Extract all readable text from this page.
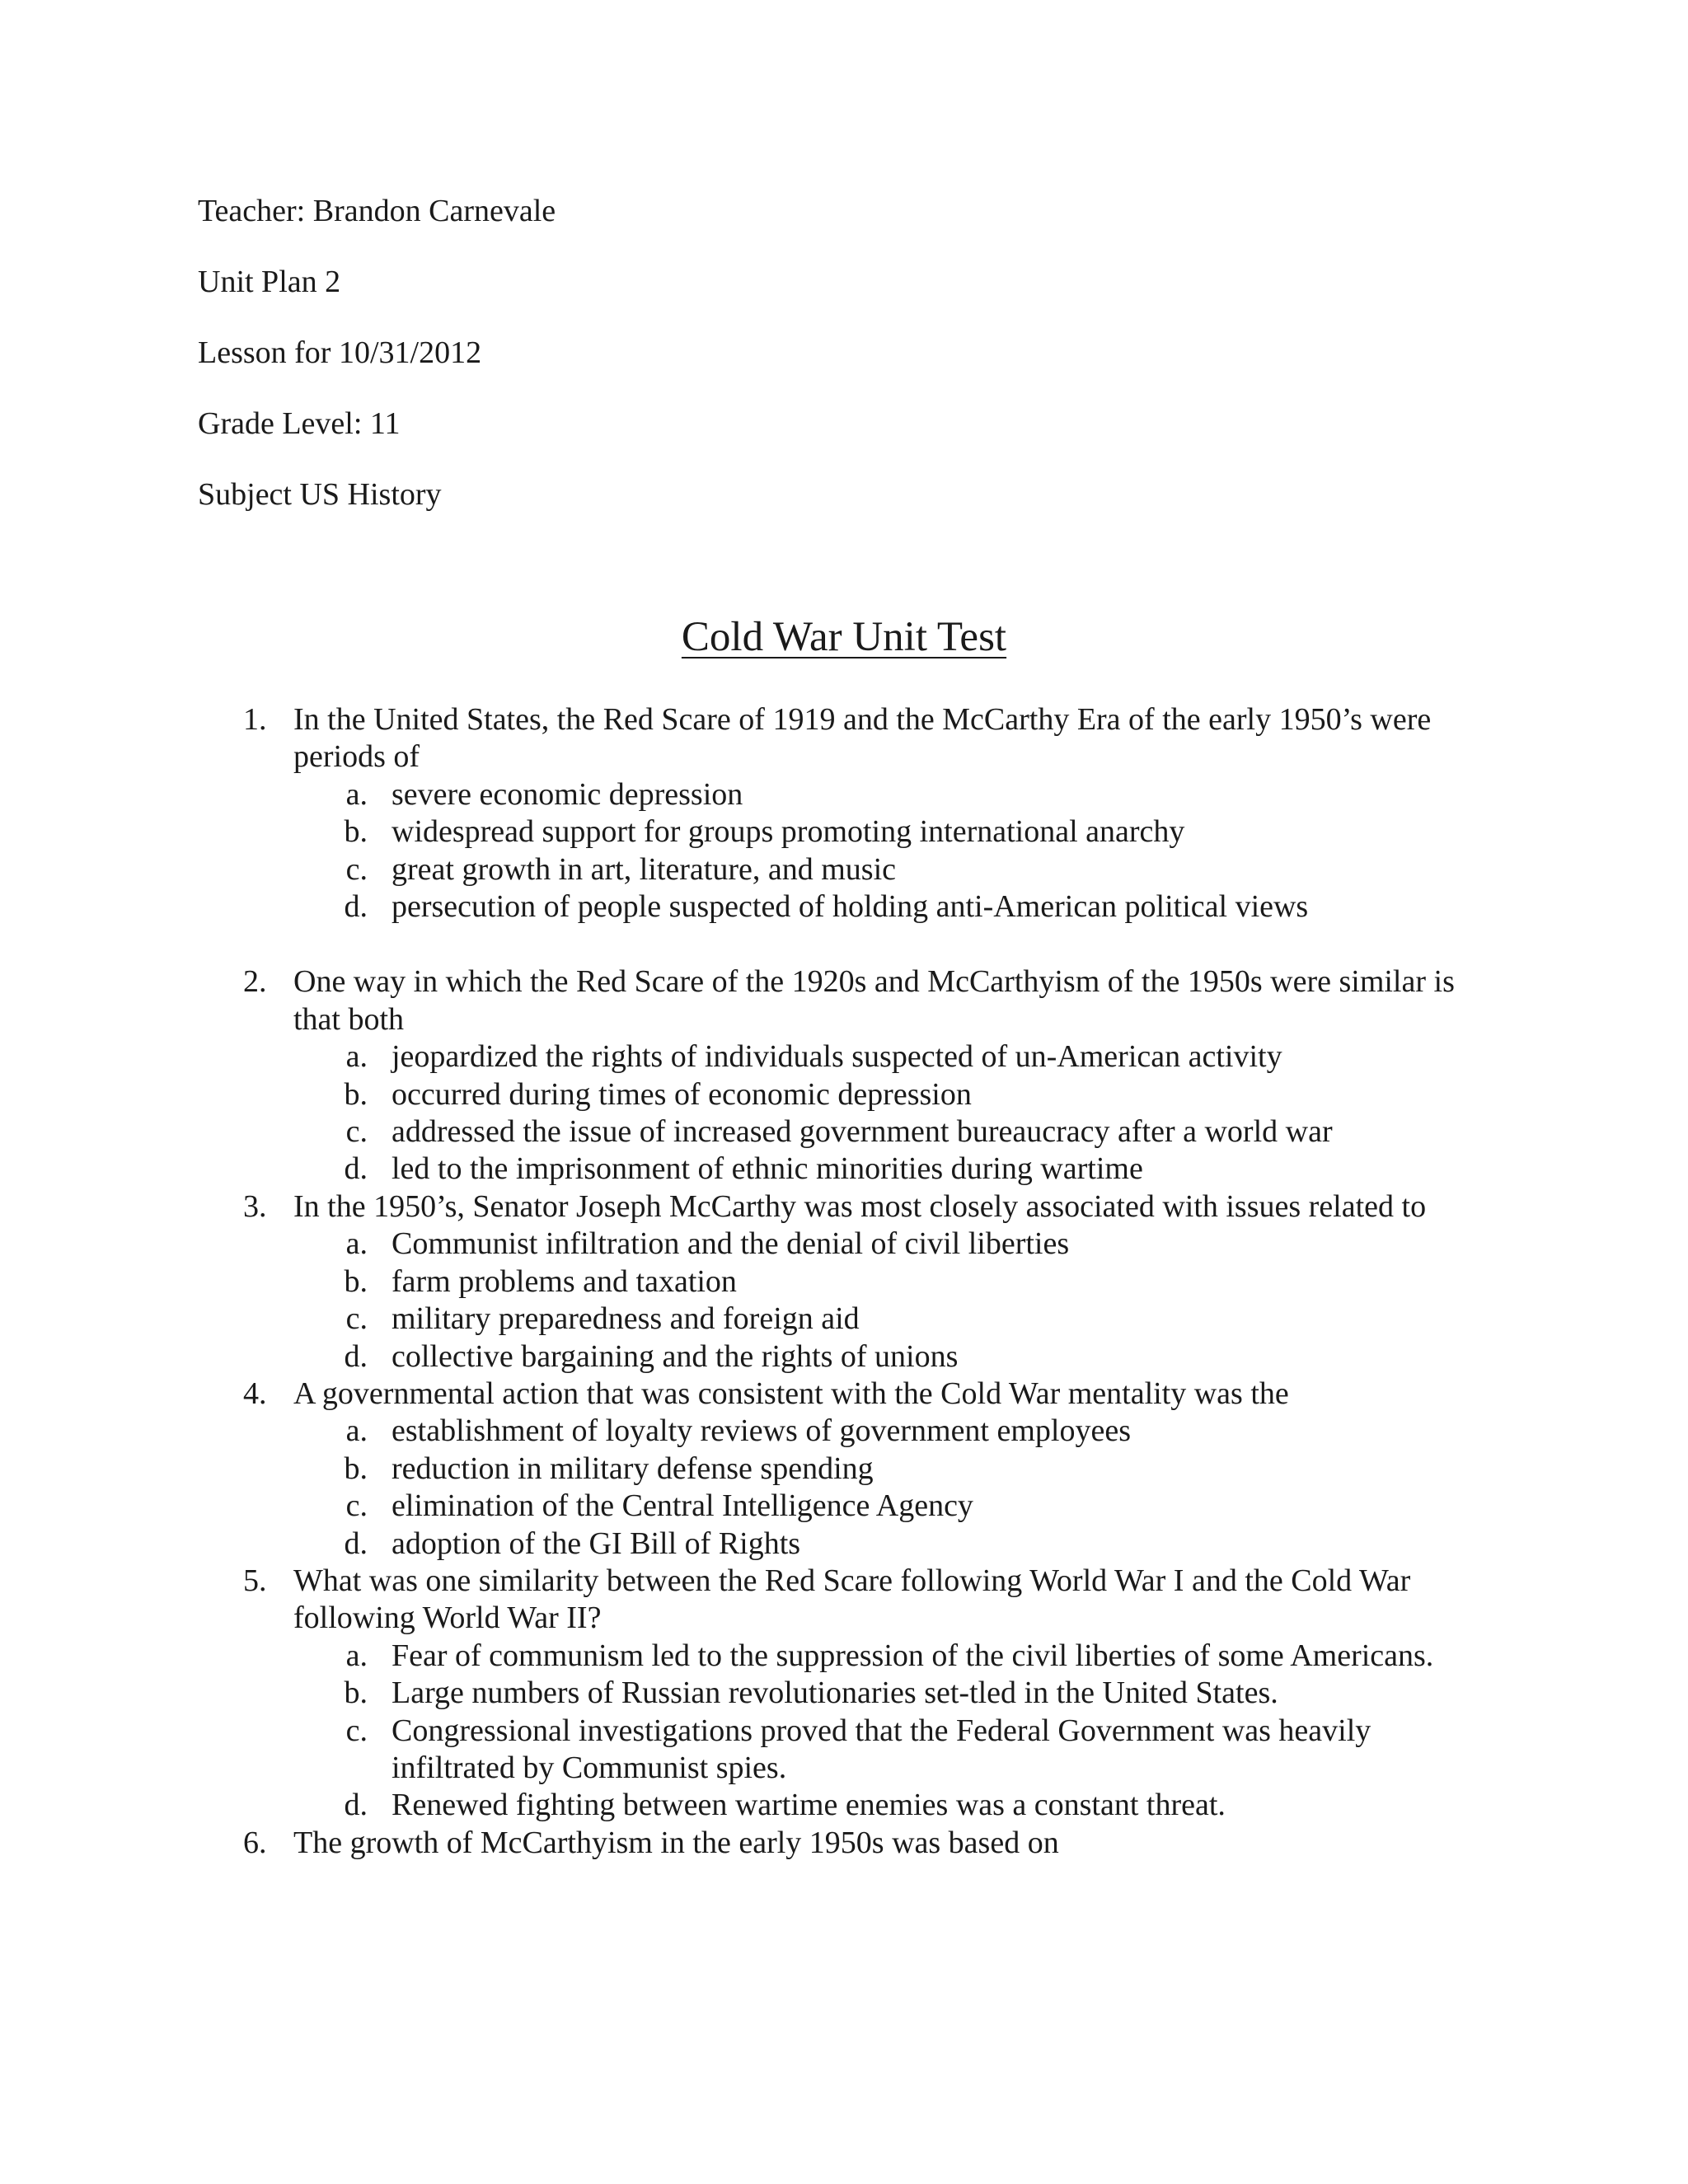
Teacher: Brandon Carnevale
Unit Plan 2
Lesson for 10/31/2012
Grade Level: 11
Subject US History
Cold War Unit Test
1. In the United States, the Red Scare of 1919 and the McCarthy Era of the early 1950’s were periods of
a. severe economic depression
b. widespread support for groups promoting international anarchy
c. great growth in art, literature, and music
d. persecution of people suspected of holding anti-American political views
2. One way in which the Red Scare of the 1920s and McCarthyism of the 1950s were similar is that both
a. jeopardized the rights of individuals suspected of un-American activity
b. occurred during times of economic depression
c. addressed the issue of increased government bureaucracy after a world war
d. led to the imprisonment of ethnic minorities during wartime
3. In the 1950’s, Senator Joseph McCarthy was most closely associated with issues related to
a. Communist infiltration and the denial of civil liberties
b. farm problems and taxation
c. military preparedness and foreign aid
d. collective bargaining and the rights of unions
4. A governmental action that was consistent with the Cold War mentality was the
a. establishment of loyalty reviews of government employees
b. reduction in military defense spending
c. elimination of the Central Intelligence Agency
d. adoption of the GI Bill of Rights
5. What was one similarity between the Red Scare following World War I and the Cold War following World War II?
a. Fear of communism led to the suppression of the civil liberties of some Americans.
b. Large numbers of Russian revolutionaries set-tled in the United States.
c. Congressional investigations proved that the Federal Government was heavily infiltrated by Communist spies.
d. Renewed fighting between wartime enemies was a constant threat.
6. The growth of McCarthyism in the early 1950s was based on
